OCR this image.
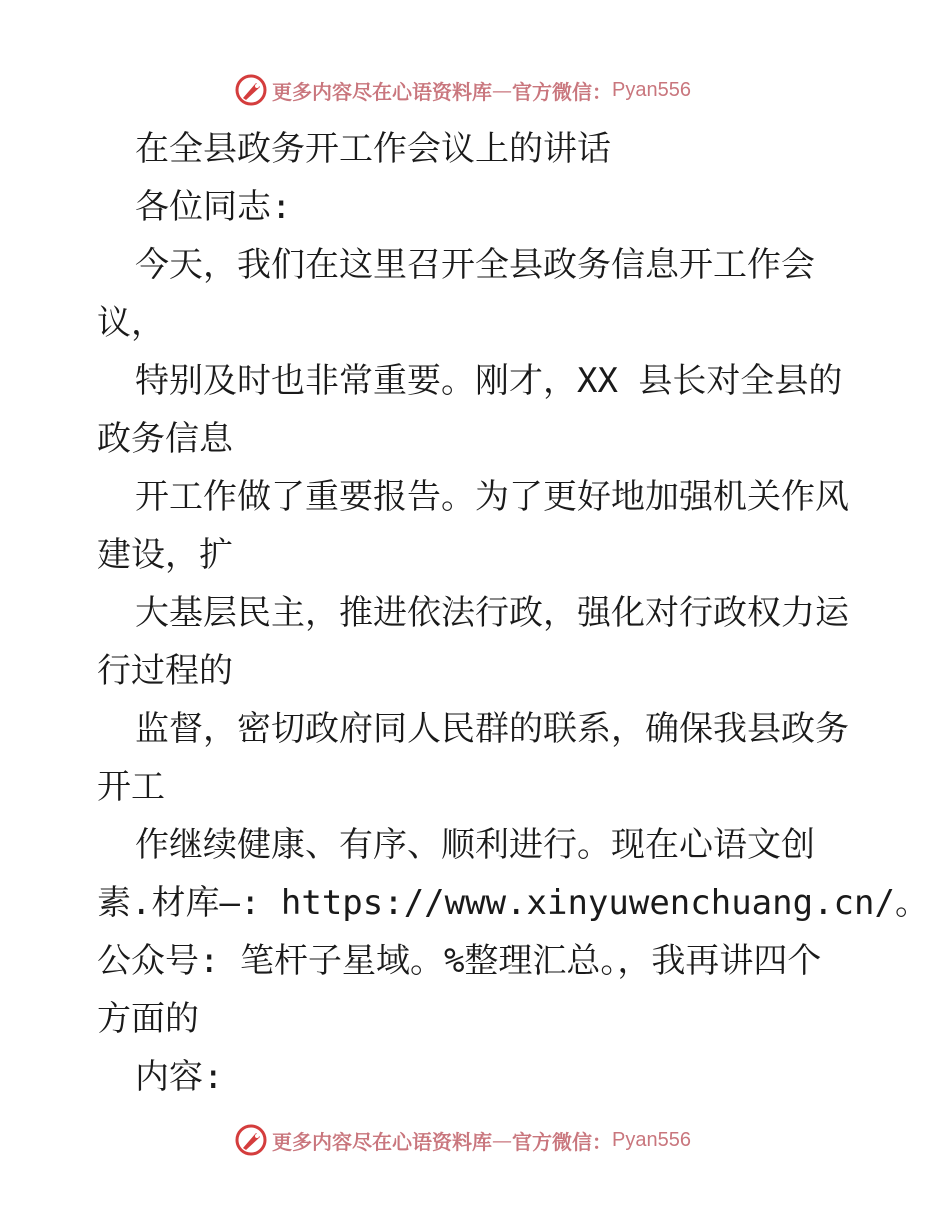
更多内容尽在心语资料库 — 官方微信： Pyan556

在全县政务开工作会议上的讲话

各位同志:

今天，我们在这里召开全县政务信息开工作会

议，

特别及时也非常重要。刚才，XX 县长对全县的

政务信息

开工作做了重要报告。为了更好地加强机关作风

建设，扩

大基层民主，推进依法行政，强化对行政权力运

行过程的

监督，密切政府同人民群的联系，确保我县政务

开工

作继续健康、有序、顺利进行。现在心语文创

素.材库—: https://www.xinyuwenchuang.cn/。

公众号: 笔杆子星域。%整理汇总。，我再讲四个

方面的

内容:

更多内容尽在心语资料库 — 官方微信： Pyan556
